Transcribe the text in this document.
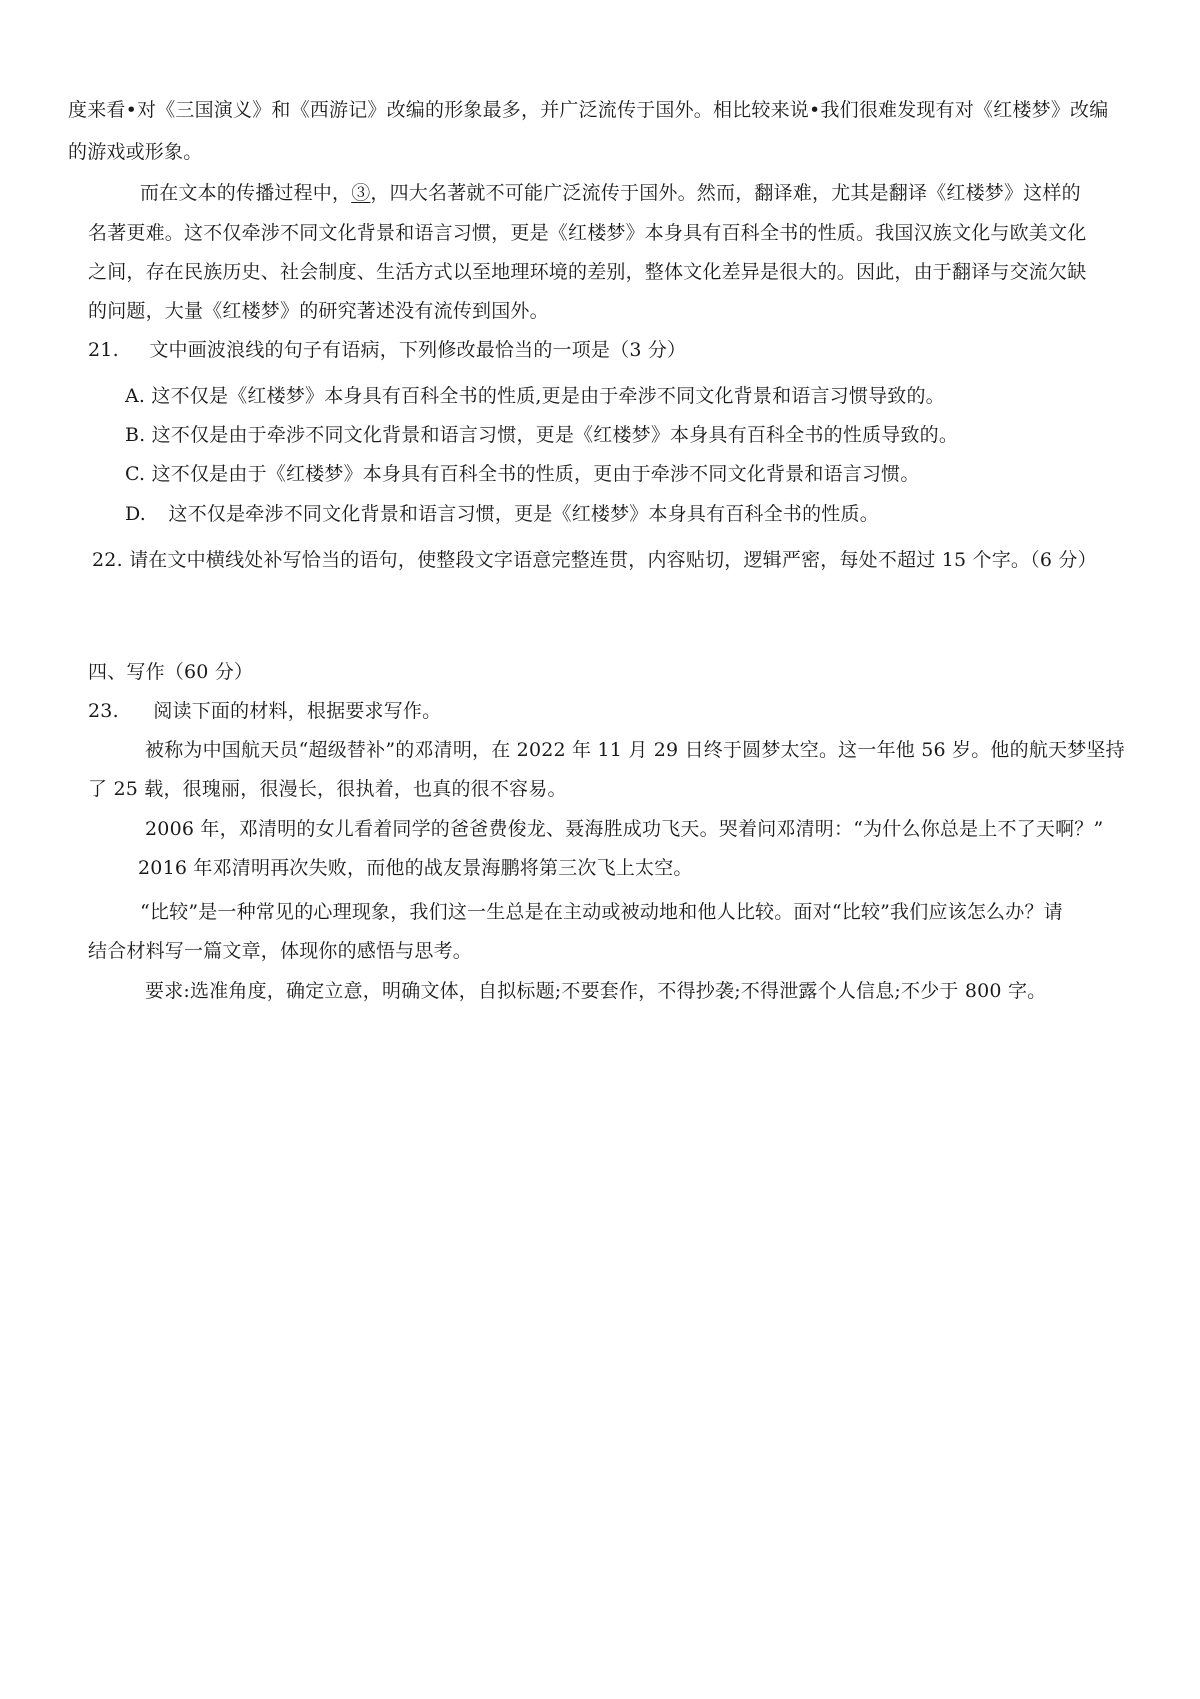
度来看•对《三国演义》和《西游记》改编的形象最多，并广泛流传于国外。相比较来说•我们很难发现有对《红楼梦》改编
的游戏或形象。
而在文本的传播过程中，③，四大名著就不可能广泛流传于国外。然而，翻译难，尤其是翻译《红楼梦》这样的
名著更难。这不仅牵涉不同文化背景和语言习惯，更是《红楼梦》本身具有百科全书的性质。我国汉族文化与欧美文化
之间，存在民族历史、社会制度、生活方式以至地理环境的差别，整体文化差异是很大的。因此，由于翻译与交流欠缺
的问题，大量《红楼梦》的研究著述没有流传到国外。
21. 文中画波浪线的句子有语病，下列修改最恰当的一项是（3 分）
A. 这不仅是《红楼梦》本身具有百科全书的性质,更是由于牵涉不同文化背景和语言习惯导致的。
B. 这不仅是由于牵涉不同文化背景和语言习惯，更是《红楼梦》本身具有百科全书的性质导致的。
C. 这不仅是由于《红楼梦》本身具有百科全书的性质，更由于牵涉不同文化背景和语言习惯。
D. 这不仅是牵涉不同文化背景和语言习惯，更是《红楼梦》本身具有百科全书的性质。
22. 请在文中横线处补写恰当的语句，使整段文字语意完整连贯，内容贴切，逻辑严密，每处不超过 15 个字。（6 分）
四、写作（60 分）
23. 阅读下面的材料，根据要求写作。
被称为中国航天员“超级替补”的邓清明，在 2022 年 11 月 29 日终于圆梦太空。这一年他 56 岁。他的航天梦坚持
了 25 载，很瑰丽，很漫长，很执着，也真的很不容易。
2006 年，邓清明的女儿看着同学的爸爸费俊龙、聂海胜成功飞天。哭着问邓清明：“为什么你总是上不了天啊？”
2016 年邓清明再次失败，而他的战友景海鹏将第三次飞上太空。
“比较”是一种常见的心理现象，我们这一生总是在主动或被动地和他人比较。面对“比较”我们应该怎么办？请
结合材料写一篇文章，体现你的感悟与思考。
要求:选准角度，确定立意，明确文体，自拟标题;不要套作，不得抄袭;不得泄露个人信息;不少于 800 字。
